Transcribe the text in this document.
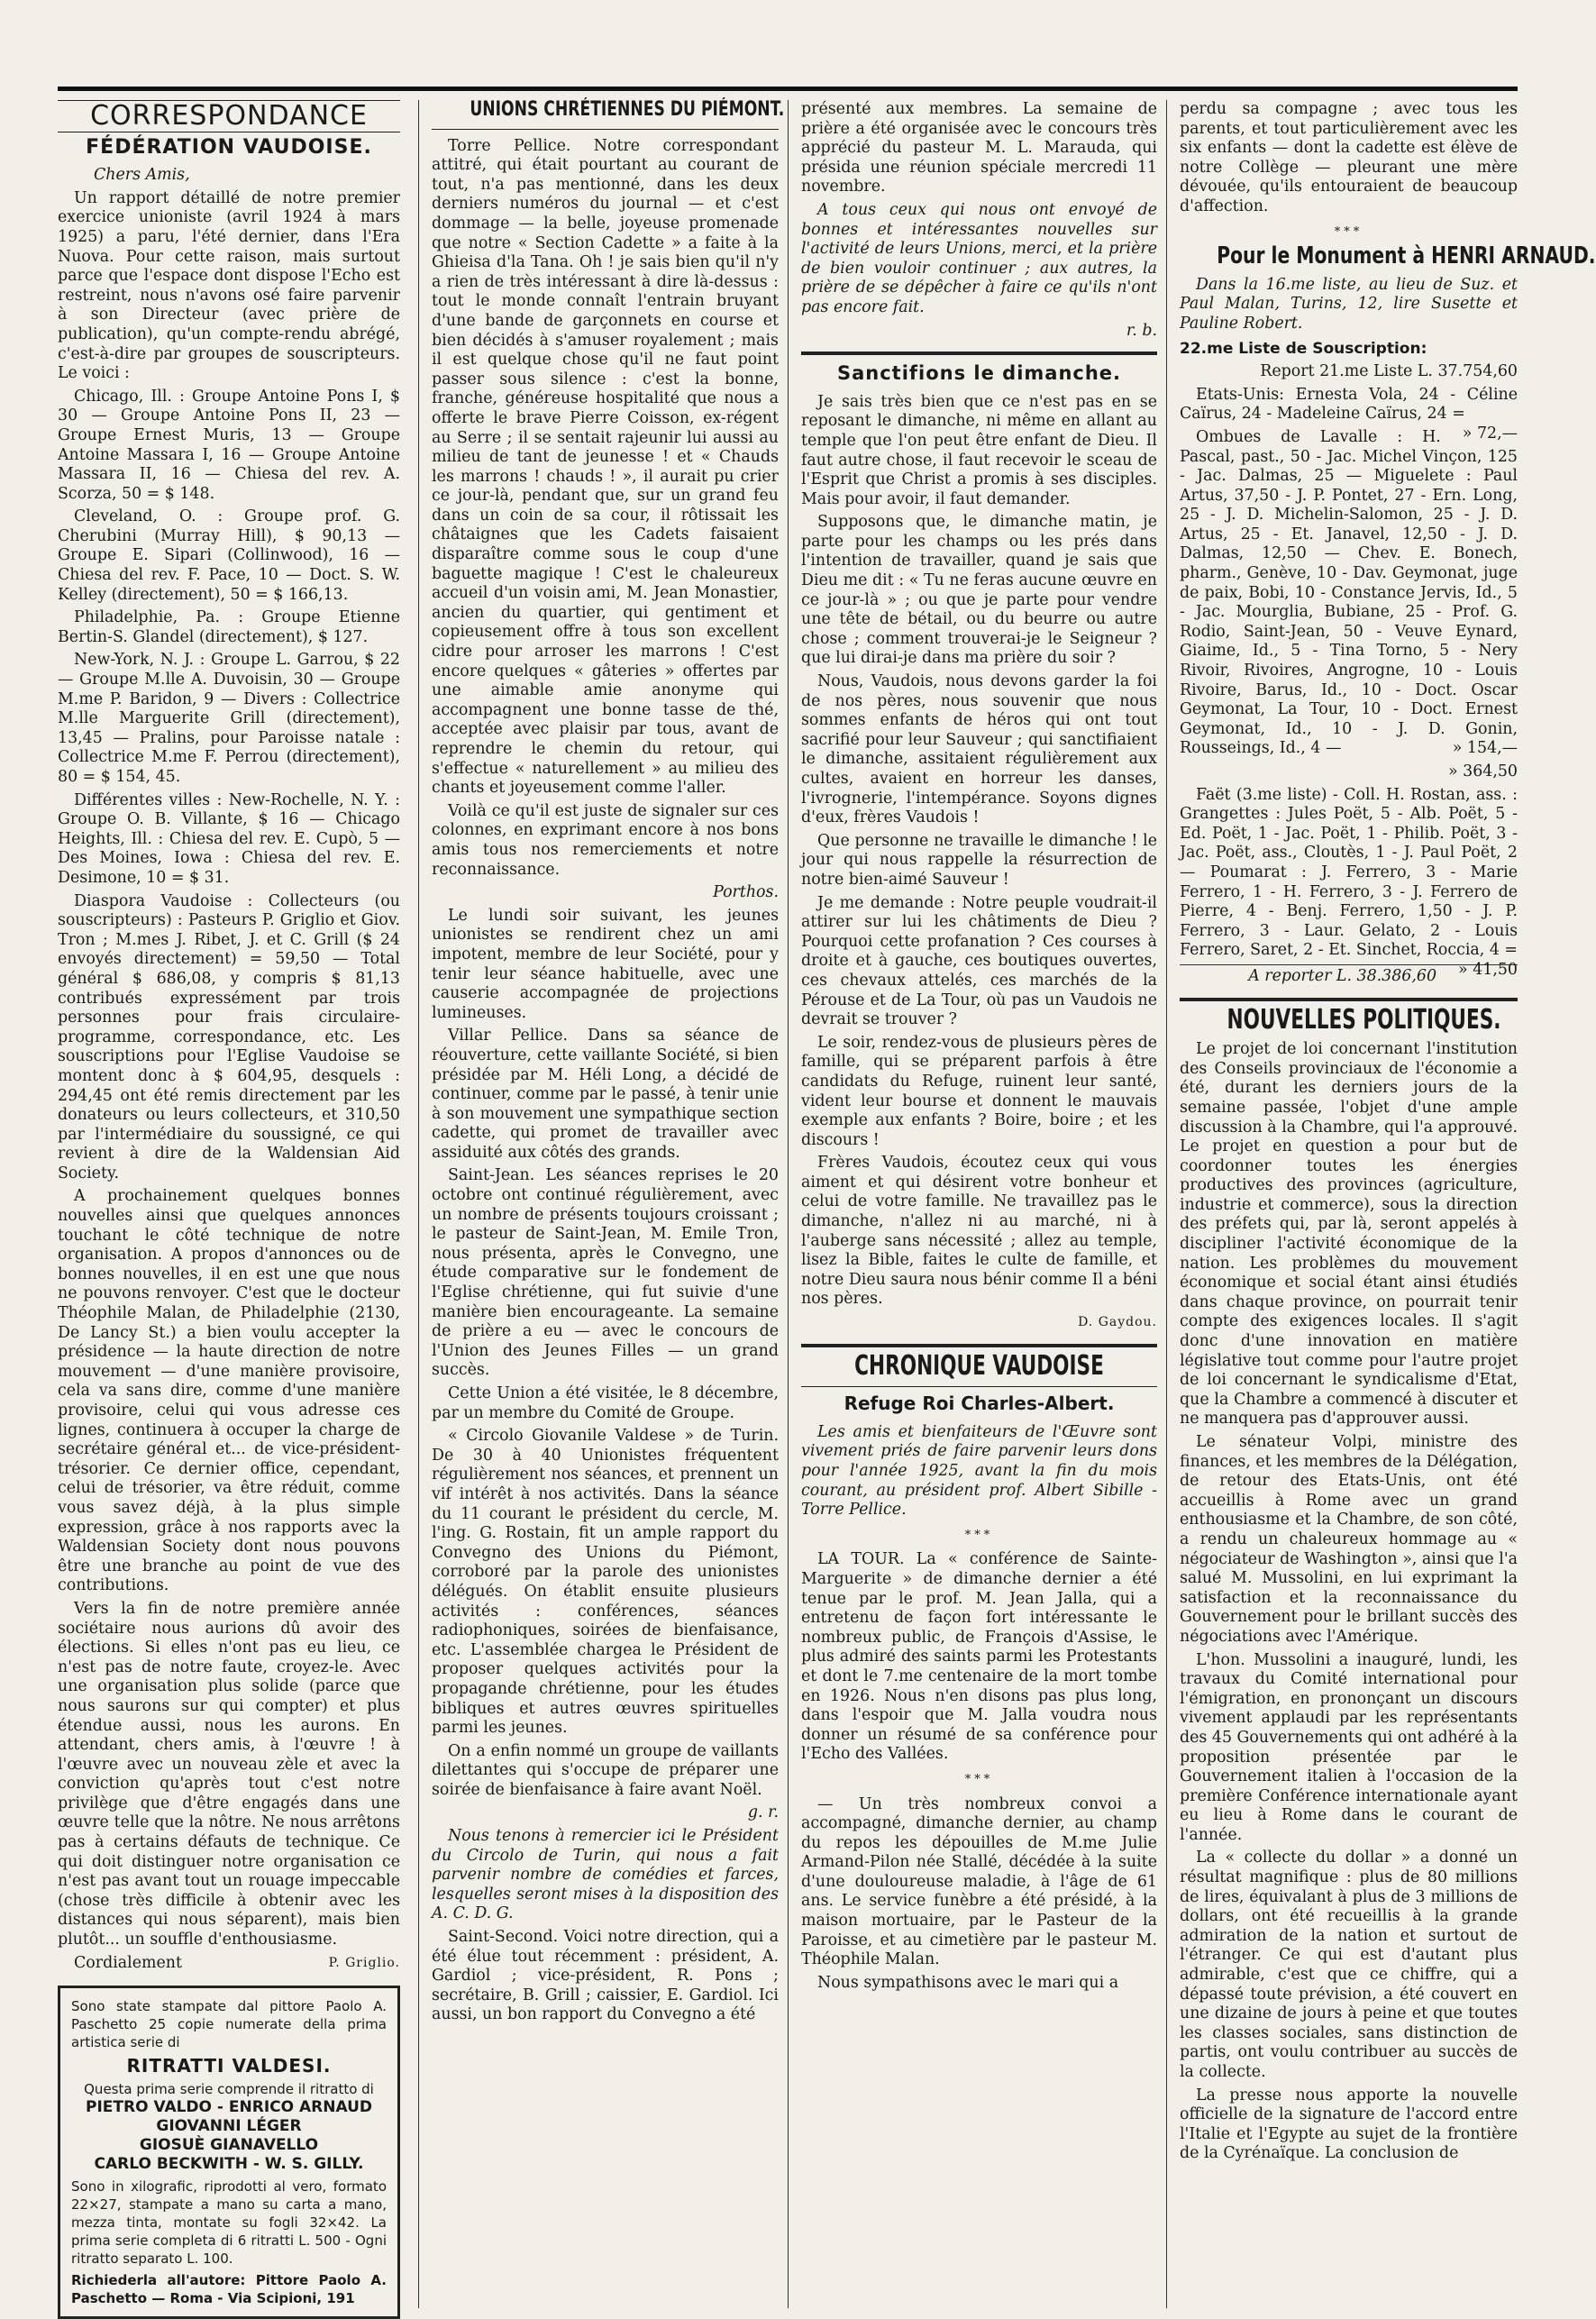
CORRESPONDANCE
FÉDÉRATION VAUDOISE.

Chers Amis,

Un rapport détaillé de notre premier exercice unioniste (avril 1924 à mars 1925) a paru, l'été dernier, dans l'Era Nuova. Pour cette raison, mais surtout parce que l'espace dont dispose l'Echo est restreint, nous n'avons osé faire parvenir à son Directeur (avec prière de publication), qu'un compte-rendu abrégé, c'est-à-dire par groupes de souscripteurs. Le voici :

Chicago, Ill. : Groupe Antoine Pons I, $ 30 — Groupe Antoine Pons II, 23 — Groupe Ernest Muris, 13 — Groupe Antoine Massara I, 16 — Groupe Antoine Massara II, 16 — Chiesa del rev. A. Scorza, 50 = $ 148.

Cleveland, O. : Groupe prof. G. Cherubini (Murray Hill), $ 90,13 — Groupe E. Sipari (Collinwood), 16 — Chiesa del rev. F. Pace, 10 — Doct. S. W. Kelley (directement), 50 = $ 166,13.

Philadelphie, Pa. : Groupe Etienne Bertin-S. Glandel (directement), $ 127.

New-York, N. J. : Groupe L. Garrou, $ 22 — Groupe M.lle A. Duvoisin, 30 — Groupe M.me P. Baridon, 9 — Divers : Collectrice M.lle Marguerite Grill (directement), 13,45 — Pralins, pour Paroisse natale : Collectrice M.me F. Perrou (directement), 80 = $ 154, 45.

Différentes villes : New-Rochelle, N. Y. : Groupe O. B. Villante, $ 16 — Chicago Heights, Ill. : Chiesa del rev. E. Cupò, 5 — Des Moines, Iowa : Chiesa del rev. E. Desimone, 10 = $ 31.

Diaspora Vaudoise : Collecteurs (ou souscripteurs) : Pasteurs P. Griglio et Giov. Tron ; M.mes J. Ribet, J. et C. Grill ($ 24 envoyés directement) = 59,50 — Total général $ 686,08, y compris $ 81,13 contribués expressément par trois personnes pour frais circulaire-programme, correspondance, etc. Les souscriptions pour l'Eglise Vaudoise se montent donc à $ 604,95, desquels : 294,45 ont été remis directement par les donateurs ou leurs collecteurs, et 310,50 par l'intermédiaire du soussigné, ce qui revient à dire de la Waldensian Aid Society.

A prochainement quelques bonnes nouvelles ainsi que quelques annonces touchant le côté technique de notre organisation. A propos d'annonces ou de bonnes nouvelles, il en est une que nous ne pouvons renvoyer. C'est que le docteur Théophile Malan, de Philadelphie (2130, De Lancy St.) a bien voulu accepter la présidence — la haute direction de notre mouvement — d'une manière provisoire, cela va sans dire, comme d'une manière provisoire, celui qui vous adresse ces lignes, continuera à occuper la charge de secrétaire général et... de vice-président-trésorier. Ce dernier office, cependant, celui de trésorier, va être réduit, comme vous savez déjà, à la plus simple expression, grâce à nos rapports avec la Waldensian Society dont nous pouvons être une branche au point de vue des contributions.

Vers la fin de notre première année sociétaire nous aurions dû avoir des élections. Si elles n'ont pas eu lieu, ce n'est pas de notre faute, croyez-le. Avec une organisation plus solide (parce que nous saurons sur qui compter) et plus étendue aussi, nous les aurons. En attendant, chers amis, à l'œuvre ! à l'œuvre avec un nouveau zèle et avec la conviction qu'après tout c'est notre privilège que d'être engagés dans une œuvre telle que la nôtre. Ne nous arrêtons pas à certains défauts de technique. Ce qui doit distinguer notre organisation ce n'est pas avant tout un rouage impeccable (chose très difficile à obtenir avec les distances qui nous séparent), mais bien plutôt... un souffle d'enthousiasme.

Cordialement	P. Griglio.
Sono state stampate dal pittore Paolo A. Paschetto 25 copie numerate della prima artistica serie di
RITRATTI VALDESI.
Questa prima serie comprende il ritratto di
PIETRO VALDO - ENRICO ARNAUD
GIOVANNI LÉGER
GIOSUÈ GIANAVELLO
CARLO BECKWITH - W. S. GILLY.
Sono in xilografic, riprodotti al vero, formato 22×27, stampate a mano su carta a mano, mezza tinta, montate su fogli 32×42. La prima serie completa di 6 ritratti L. 500 - Ogni ritratto separato L. 100.
Richiederla all'autore: Pittore Paolo A. Paschetto — Roma - Via Scipioni, 191
UNIONS CHRÉTIENNES DU PIÉMONT.

Torre Pellice. Notre correspondant attitré, qui était pourtant au courant de tout, n'a pas mentionné, dans les deux derniers numéros du journal — et c'est dommage — la belle, joyeuse promenade que notre « Section Cadette » a faite à la Ghieisa d'la Tana. Oh ! je sais bien qu'il n'y a rien de très intéressant à dire là-dessus : tout le monde connaît l'entrain bruyant d'une bande de garçonnets en course et bien décidés à s'amuser royalement ; mais il est quelque chose qu'il ne faut point passer sous silence : c'est la bonne, franche, généreuse hospitalité que nous a offerte le brave Pierre Coisson, ex-régent au Serre ; il se sentait rajeunir lui aussi au milieu de tant de jeunesse ! et « Chauds les marrons ! chauds ! », il aurait pu crier ce jour-là, pendant que, sur un grand feu dans un coin de sa cour, il rôtissait les châtaignes que les Cadets faisaient disparaître comme sous le coup d'une baguette magique ! C'est le chaleureux accueil d'un voisin ami, M. Jean Monastier, ancien du quartier, qui gentiment et copieusement offre à tous son excellent cidre pour arroser les marrons ! C'est encore quelques « gâteries » offertes par une aimable amie anonyme qui accompagnent une bonne tasse de thé, acceptée avec plaisir par tous, avant de reprendre le chemin du retour, qui s'effectue « naturellement » au milieu des chants et joyeusement comme l'aller.

Voilà ce qu'il est juste de signaler sur ces colonnes, en exprimant encore à nos bons amis tous nos remerciements et notre reconnaissance.

Porthos.

Le lundi soir suivant, les jeunes unionistes se rendirent chez un ami impotent, membre de leur Société, pour y tenir leur séance habituelle, avec une causerie accompagnée de projections lumineuses.

Villar Pellice. Dans sa séance de réouverture, cette vaillante Société, si bien présidée par M. Héli Long, a décidé de continuer, comme par le passé, à tenir unie à son mouvement une sympathique section cadette, qui promet de travailler avec assiduité aux côtés des grands.

Saint-Jean. Les séances reprises le 20 octobre ont continué régulièrement, avec un nombre de présents toujours croissant ; le pasteur de Saint-Jean, M. Emile Tron, nous présenta, après le Convegno, une étude comparative sur le fondement de l'Eglise chrétienne, qui fut suivie d'une manière bien encourageante. La semaine de prière a eu — avec le concours de l'Union des Jeunes Filles — un grand succès.

Cette Union a été visitée, le 8 décembre, par un membre du Comité de Groupe.

« Circolo Giovanile Valdese » de Turin. De 30 à 40 Unionistes fréquentent régulièrement nos séances, et prennent un vif intérêt à nos activités. Dans la séance du 11 courant le président du cercle, M. l'ing. G. Rostain, fit un ample rapport du Convegno des Unions du Piémont, corroboré par la parole des unionistes délégués. On établit ensuite plusieurs activités : conférences, séances radiophoniques, soirées de bienfaisance, etc. L'assemblée chargea le Président de proposer quelques activités pour la propagande chrétienne, pour les études bibliques et autres œuvres spirituelles parmi les jeunes.

On a enfin nommé un groupe de vaillants dilettantes qui s'occupe de préparer une soirée de bienfaisance à faire avant Noël.

g. r.

Nous tenons à remercier ici le Président du Circolo de Turin, qui nous a fait parvenir nombre de comédies et farces, lesquelles seront mises à la disposition des A. C. D. G.

Saint-Second. Voici notre direction, qui a été élue tout récemment : président, A. Gardiol ; vice-président, R. Pons ; secrétaire, B. Grill ; caissier, E. Gardiol. Ici aussi, un bon rapport du Convegno a été

présenté aux membres. La semaine de prière a été organisée avec le concours très apprécié du pasteur M. L. Marauda, qui présida une réunion spéciale mercredi 11 novembre.

A tous ceux qui nous ont envoyé de bonnes et intéressantes nouvelles sur l'activité de leurs Unions, merci, et la prière de bien vouloir continuer ; aux autres, la prière de se dépêcher à faire ce qu'ils n'ont pas encore fait.

r. b.

Sanctifions le dimanche.

Je sais très bien que ce n'est pas en se reposant le dimanche, ni même en allant au temple que l'on peut être enfant de Dieu. Il faut autre chose, il faut recevoir le sceau de l'Esprit que Christ a promis à ses disciples. Mais pour avoir, il faut demander.

Supposons que, le dimanche matin, je parte pour les champs ou les prés dans l'intention de travailler, quand je sais que Dieu me dit : « Tu ne feras aucune œuvre en ce jour-là » ; ou que je parte pour vendre une tête de bétail, ou du beurre ou autre chose ; comment trouverai-je le Seigneur ? que lui dirai-je dans ma prière du soir ?

Nous, Vaudois, nous devons garder la foi de nos pères, nous souvenir que nous sommes enfants de héros qui ont tout sacrifié pour leur Sauveur ; qui sanctifiaient le dimanche, assitaient régulièrement aux cultes, avaient en horreur les danses, l'ivrognerie, l'intempérance. Soyons dignes d'eux, frères Vaudois !

Que personne ne travaille le dimanche ! le jour qui nous rappelle la résurrection de notre bien-aimé Sauveur !

Je me demande : Notre peuple voudrait-il attirer sur lui les châtiments de Dieu ? Pourquoi cette profanation ? Ces courses à droite et à gauche, ces boutiques ouvertes, ces chevaux attelés, ces marchés de la Pérouse et de La Tour, où pas un Vaudois ne devrait se trouver ?

Le soir, rendez-vous de plusieurs pères de famille, qui se préparent parfois à être candidats du Refuge, ruinent leur santé, vident leur bourse et donnent le mauvais exemple aux enfants ? Boire, boire ; et les discours !

Frères Vaudois, écoutez ceux qui vous aiment et qui désirent votre bonheur et celui de votre famille. Ne travaillez pas le dimanche, n'allez ni au marché, ni à l'auberge sans nécessité ; allez au temple, lisez la Bible, faites le culte de famille, et notre Dieu saura nous bénir comme Il a béni nos pères.

D. Gaydou.

CHRONIQUE VAUDOISE
Refuge Roi Charles-Albert.

Les amis et bienfaiteurs de l'Œuvre sont vivement priés de faire parvenir leurs dons pour l'année 1925, avant la fin du mois courant, au président prof. Albert Sibille - Torre Pellice.

***

LA TOUR. La « conférence de Sainte-Marguerite » de dimanche dernier a été tenue par le prof. M. Jean Jalla, qui a entretenu de façon fort intéressante le nombreux public, de François d'Assise, le plus admiré des saints parmi les Protestants et dont le 7.me centenaire de la mort tombe en 1926. Nous n'en disons pas plus long, dans l'espoir que M. Jalla voudra nous donner un résumé de sa conférence pour l'Echo des Vallées.

***

— Un très nombreux convoi a accompagné, dimanche dernier, au champ du repos les dépouilles de M.me Julie Armand-Pilon née Stallé, décédée à la suite d'une douloureuse maladie, à l'âge de 61 ans. Le service funèbre a été présidé, à la maison mortuaire, par le Pasteur de la Paroisse, et au cimetière par le pasteur M. Théophile Malan.

Nous sympathisons avec le mari qui a

perdu sa compagne ; avec tous les parents, et tout particulièrement avec les six enfants — dont la cadette est élève de notre Collège — pleurant une mère dévouée, qu'ils entouraient de beaucoup d'affection.

***

Pour le Monument à HENRI ARNAUD.

Dans la 16.me liste, au lieu de Suz. et Paul Malan, Turins, 12, lire Susette et Pauline Robert.

22.me Liste de Souscription:

Report 21.me Liste L. 37.754,60

Etats-Unis: Ernesta Vola, 24 - Céline Caïrus, 24 - Madeleine Caïrus, 24 =
» 72,—

Ombues de Lavalle : H. Pascal, past., 50 - Jac. Michel Vinçon, 125 - Jac. Dalmas, 25 — Miguelete : Paul Artus, 37,50 - J. P. Pontet, 27 - Ern. Long, 25 - J. D. Michelin-Salomon, 25 - J. D. Artus, 25 - Et. Janavel, 12,50 - J. D. Dalmas, 12,50 — Chev. E. Bonech, pharm., Genève, 10 - Dav. Geymonat, juge de paix, Bobi, 10 - Constance Jervis, Id., 5 - Jac. Mourglia, Bubiane, 25 - Prof. G. Rodio, Saint-Jean, 50 - Veuve Eynard, Giaime, Id., 5 - Tina Torno, 5 - Nery Rivoir, Rivoires, Angrogne, 10 - Louis Rivoire, Barus, Id., 10 - Doct. Oscar Geymonat, La Tour, 10 - Doct. Ernest Geymonat, Id., 10 - J. D. Gonin, Rousseings, Id., 4 —	» 154,—

» 364,50

Faët (3.me liste) - Coll. H. Rostan, ass. : Grangettes : Jules Poët, 5 - Alb. Poët, 5 - Ed. Poët, 1 - Jac. Poët, 1 - Philib. Poët, 3 - Jac. Poët, ass., Cloutès, 1 - J. Paul Poët, 2 — Poumarat : J. Ferrero, 3 - Marie Ferrero, 1 - H. Ferrero, 3 - J. Ferrero de Pierre, 4 - Benj. Ferrero, 1,50 - J. P. Ferrero, 3 - Laur. Gelato, 2 - Louis Ferrero, Saret, 2 - Et. Sinchet, Roccia, 4 =
» 41,50

A reporter L. 38.386,60

NOUVELLES POLITIQUES.

Le projet de loi concernant l'institution des Conseils provinciaux de l'économie a été, durant les derniers jours de la semaine passée, l'objet d'une ample discussion à la Chambre, qui l'a approuvé. Le projet en question a pour but de coordonner toutes les énergies productives des provinces (agriculture, industrie et commerce), sous la direction des préfets qui, par là, seront appelés à discipliner l'activité économique de la nation. Les problèmes du mouvement économique et social étant ainsi étudiés dans chaque province, on pourrait tenir compte des exigences locales. Il s'agit donc d'une innovation en matière législative tout comme pour l'autre projet de loi concernant le syndicalisme d'Etat, que la Chambre a commencé à discuter et ne manquera pas d'approuver aussi.

Le sénateur Volpi, ministre des finances, et les membres de la Délégation, de retour des Etats-Unis, ont été accueillis à Rome avec un grand enthousiasme et la Chambre, de son côté, a rendu un chaleureux hommage au « négociateur de Washington », ainsi que l'a salué M. Mussolini, en lui exprimant la satisfaction et la reconnaissance du Gouvernement pour le brillant succès des négociations avec l'Amérique.

L'hon. Mussolini a inauguré, lundi, les travaux du Comité international pour l'émigration, en prononçant un discours vivement applaudi par les représentants des 45 Gouvernements qui ont adhéré à la proposition présentée par le Gouvernement italien à l'occasion de la première Conférence internationale ayant eu lieu à Rome dans le courant de l'année.

La « collecte du dollar » a donné un résultat magnifique : plus de 80 millions de lires, équivalant à plus de 3 millions de dollars, ont été recueillis à la grande admiration de la nation et surtout de l'étranger. Ce qui est d'autant plus admirable, c'est que ce chiffre, qui a dépassé toute prévision, a été couvert en une dizaine de jours à peine et que toutes les classes sociales, sans distinction de partis, ont voulu contribuer au succès de la collecte.

La presse nous apporte la nouvelle officielle de la signature de l'accord entre l'Italie et l'Egypte au sujet de la frontière de la Cyrénaïque. La conclusion de
